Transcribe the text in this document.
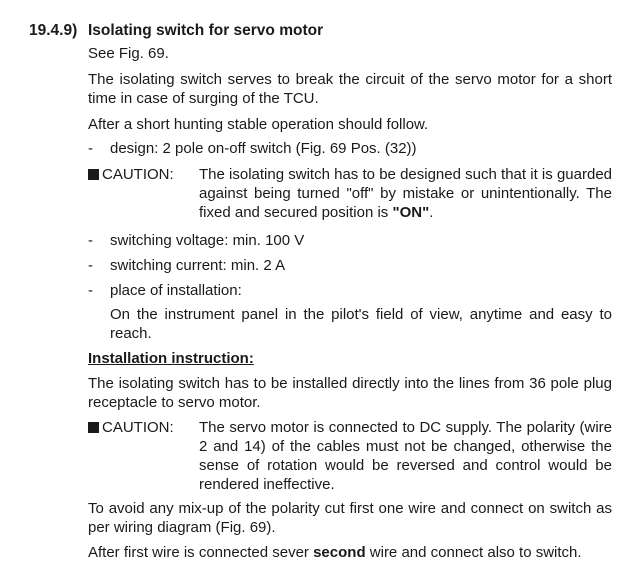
19.4.9) Isolating switch for servo motor
See Fig. 69.
The isolating switch serves to break the circuit of the servo motor for a short time in case of surging of the TCU.
After a short hunting stable operation should follow.
-	design: 2 pole on-off switch (Fig. 69 Pos. (32))
CAUTION: The isolating switch has to be designed such that it is guarded against being turned "off" by mistake or unintentionally. The fixed and secured position is "ON".
-	switching voltage: min. 100 V
-	switching current: min. 2 A
-	place of installation:
On the instrument panel in the pilot's field of view, anytime and easy to reach.
Installation instruction:
The isolating switch has to be installed directly into the lines from 36 pole plug receptacle to servo motor.
CAUTION: The servo motor is connected to DC supply. The polarity (wire 2 and 14) of the cables must not be changed, otherwise the sense of rotation would be reversed and control would be rendered ineffective.
To avoid any mix-up of the polarity cut first one wire and connect on switch as per wiring diagram (Fig. 69).
After first wire is connected sever second wire and connect also to switch.
